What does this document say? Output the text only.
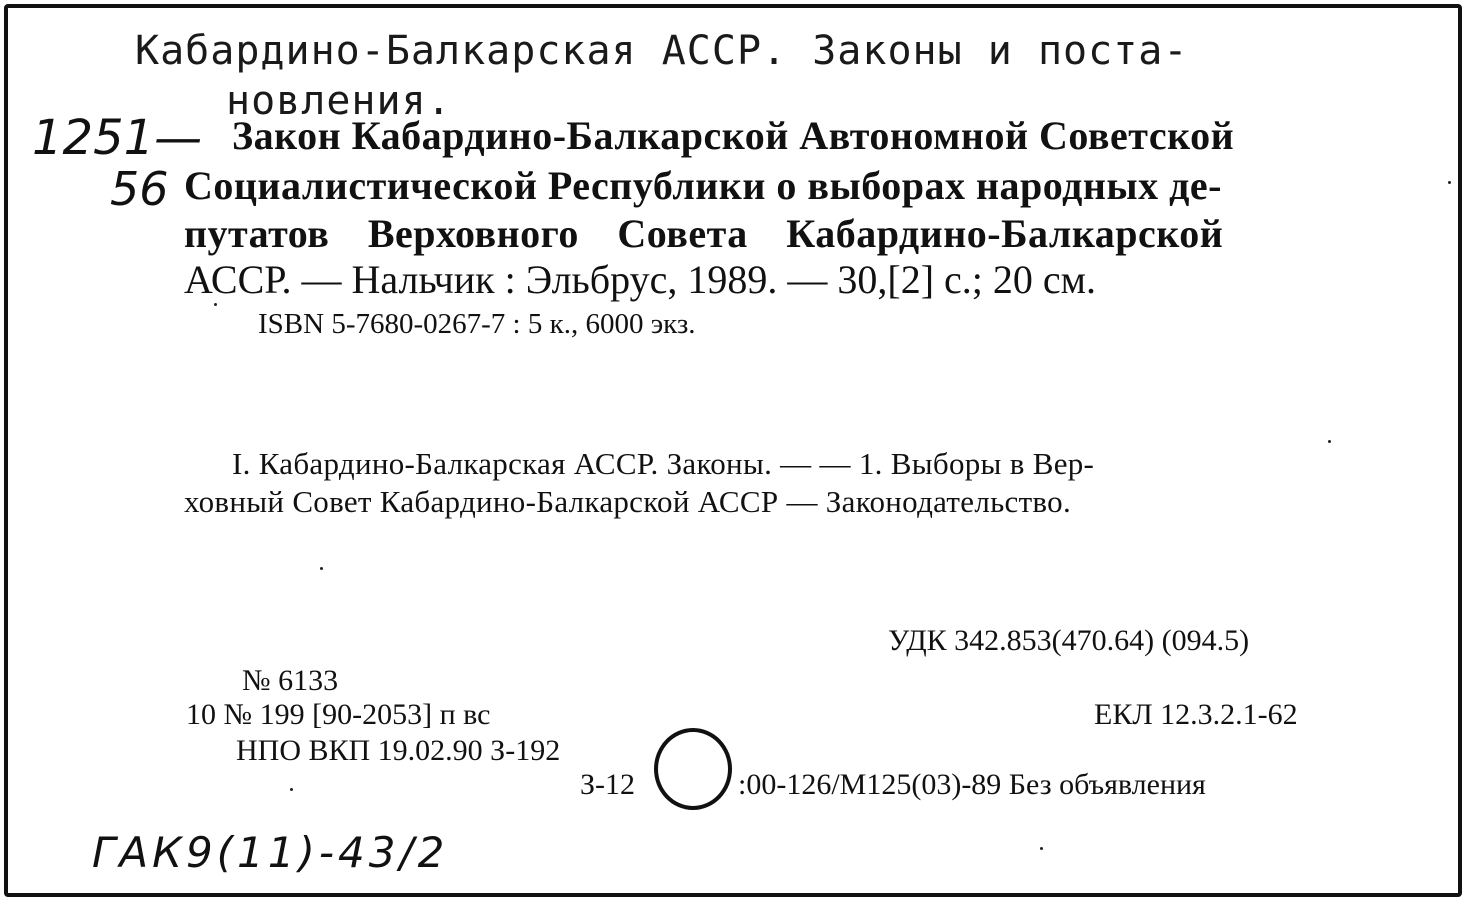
Кабардино-Балкарская АССР. Законы и поста-
новления.
1251—
56
Закон Кабардино-Балкарской Автономной Советской
Социалистической Республики о выборах народных де-
путатов Верховного Совета Кабардино-Балкарской
АССР. — Нальчик : Эльбрус, 1989. — 30,[2] с.; 20 см.
ISBN 5-7680-0267-7 : 5 к., 6000 экз.
I. Кабардино-Балкарская АССР. Законы. — — 1. Выборы в Вер-
ховный Совет Кабардино-Балкарской АССР — Законодательство.
УДК 342.853(470.64) (094.5)
№ 6133
10 № 199 [90-2053] п вс	ЕКЛ 12.3.2.1-62
НПО ВКП 19.02.90 З-192
З-12	:00-126/М125(03)-89 Без объявления
ГАК9(11)-43/2
